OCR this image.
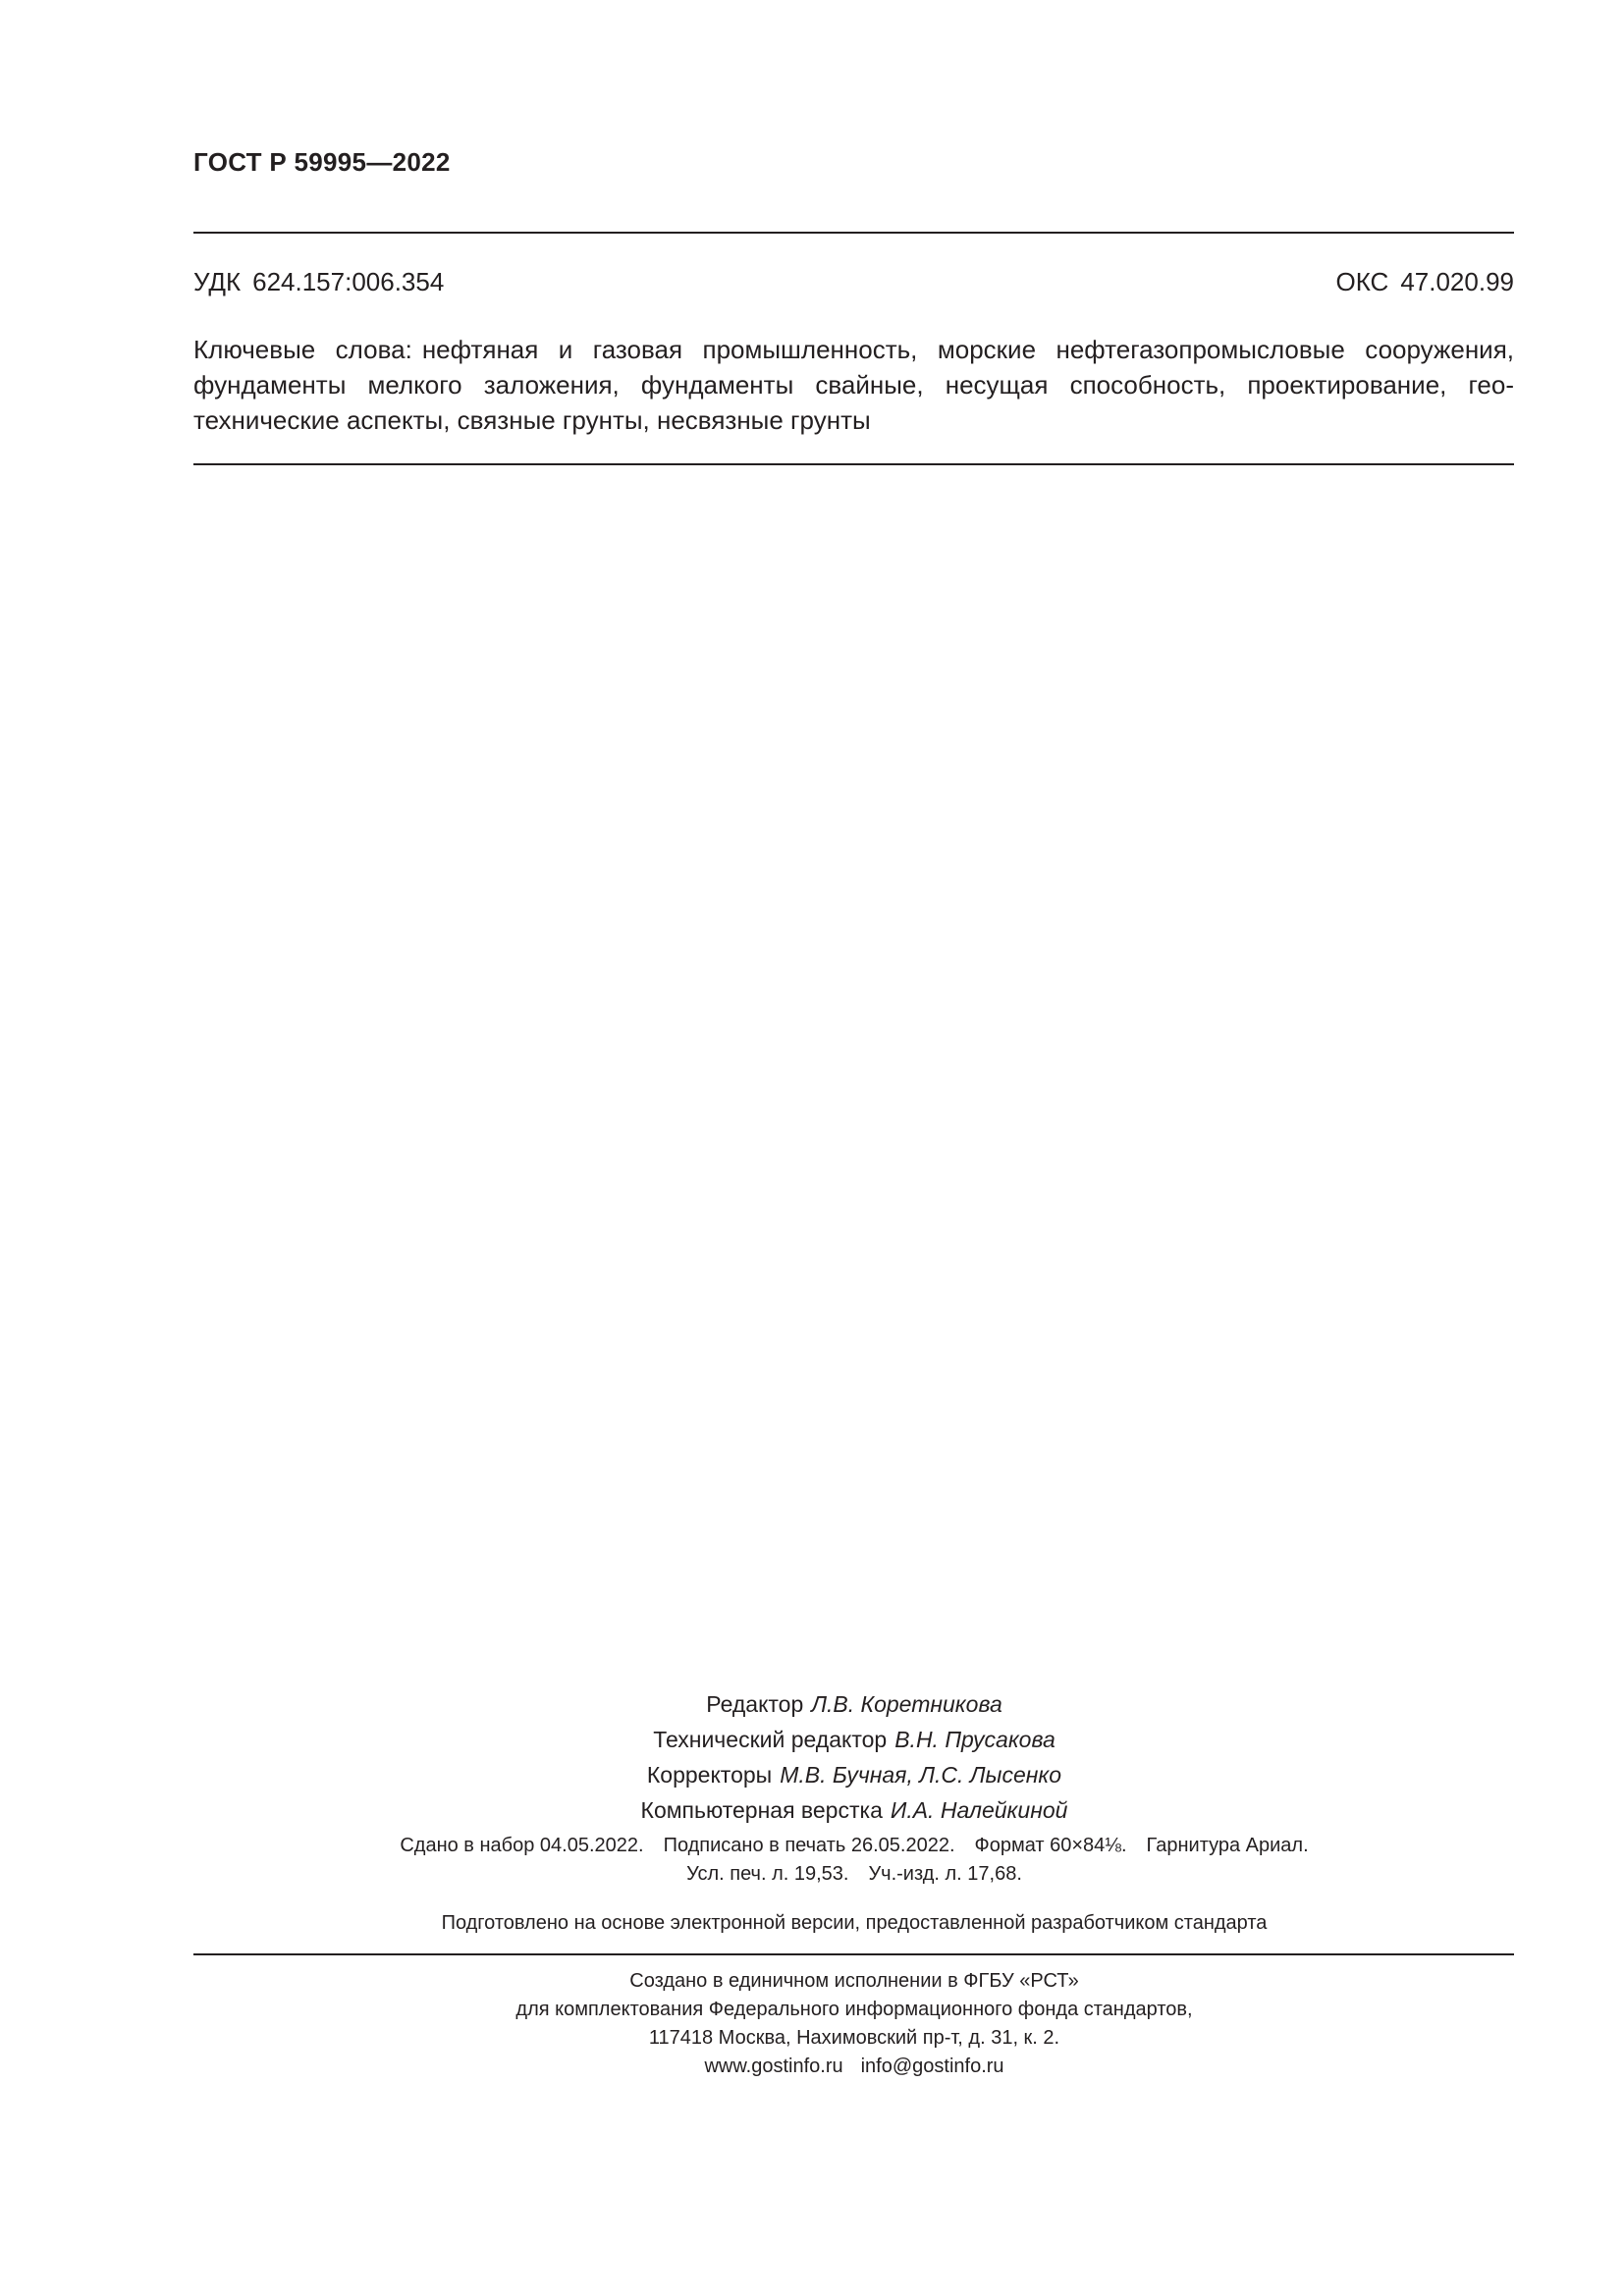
ГОСТ Р 59995—2022
УДК 624.157:006.354	ОКС 47.020.99
Ключевые слова: нефтяная и газовая промышленность, морские нефтегазопромысловые сооружения, фундаменты мелкого заложения, фундаменты свайные, несущая способность, проектирование, геотехнические аспекты, связные грунты, несвязные грунты
Редактор Л.В. Коретникова
Технический редактор В.Н. Прусакова
Корректоры М.В. Бучная, Л.С. Лысенко
Компьютерная верстка И.А. Налейкиной
Сдано в набор 04.05.2022. Подписано в печать 26.05.2022. Формат 60×84⅛. Гарнитура Ариал.
Усл. печ. л. 19,53. Уч.-изд. л. 17,68.
Подготовлено на основе электронной версии, предоставленной разработчиком стандарта
Создано в единичном исполнении в ФГБУ «РСТ»
для комплектования Федерального информационного фонда стандартов,
117418 Москва, Нахимовский пр-т, д. 31, к. 2.
www.gostinfo.ru info@gostinfo.ru
